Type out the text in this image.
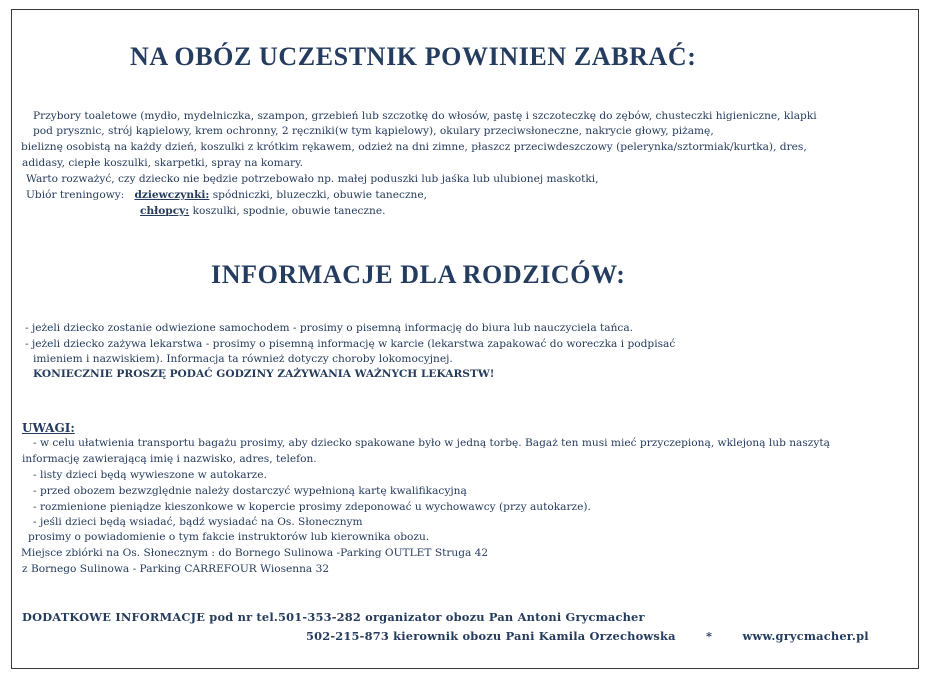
NA OBÓZ UCZESTNIK POWINIEN ZABRAĆ:
Przybory toaletowe (mydło, mydelniczka, szampon, grzebień lub szczotkę do włosów, pastę i szczoteczkę do zębów, chusteczki higieniczne, klapki
pod prysznic, strój kąpielowy, krem ochronny, 2 ręczniki(w tym kąpielowy), okulary przeciwsłoneczne, nakrycie głowy, piżamę,
bieliznę osobistą na każdy dzień, koszulki z krótkim rękawem, odzież na dni zimne, płaszcz przeciwdeszczowy (pelerynka/sztormiak/kurtka), dres,
adidasy, ciepłe koszulki, skarpetki, spray na komary.
Warto rozważyć, czy dziecko nie będzie potrzebowało np. małej poduszki lub jaśka lub ulubionej maskotki,
Ubiór treningowy: dziewczynki: spódniczki, bluzeczki, obuwie taneczne,
chłopcy: koszulki, spodnie, obuwie taneczne.
INFORMACJE DLA RODZICÓW:
- jeżeli dziecko zostanie odwiezione samochodem - prosimy o pisemną informację do biura lub nauczyciela tańca.
- jeżeli dziecko zażywa lekarstwa - prosimy o pisemną informację w karcie (lekarstwa zapakować do woreczka i podpisać
imieniem i nazwiskiem). Informacja ta również dotyczy choroby lokomocyjnej.
KONIECZNIE PROSZĘ PODAĆ GODZINY ZAŻYWANIA WAŻNYCH LEKARSTW!
UWAGI:
- w celu ułatwienia transportu bagażu prosimy, aby dziecko spakowane było w jedną torbę. Bagaż ten musi mieć przyczepioną, wklejoną lub naszytą
informację zawierającą imię i nazwisko, adres, telefon.
- listy dzieci będą wywieszone w autokarze.
- przed obozem bezwzględnie należy dostarczyć wypełnioną kartę kwalifikacyjną
- rozmienione pieniądze kieszonkowe w kopercie prosimy zdeponować u wychowawcy (przy autokarze).
- jeśli dzieci będą wsiadać, bądź wysiadać na Os. Słonecznym
prosimy o powiadomienie o tym fakcie instruktorów lub kierownika obozu.
Miejsce zbiórki na Os. Słonecznym : do Bornego Sulinowa -Parking OUTLET Struga 42
z Bornego Sulinowa - Parking CARREFOUR Wiosenna 32
DODATKOWE INFORMACJE pod nr tel.501-353-282 organizator obozu Pan Antoni Grycmacher
502-215-873 kierownik obozu Pani Kamila Orzechowska	*	www.grycmacher.pl
